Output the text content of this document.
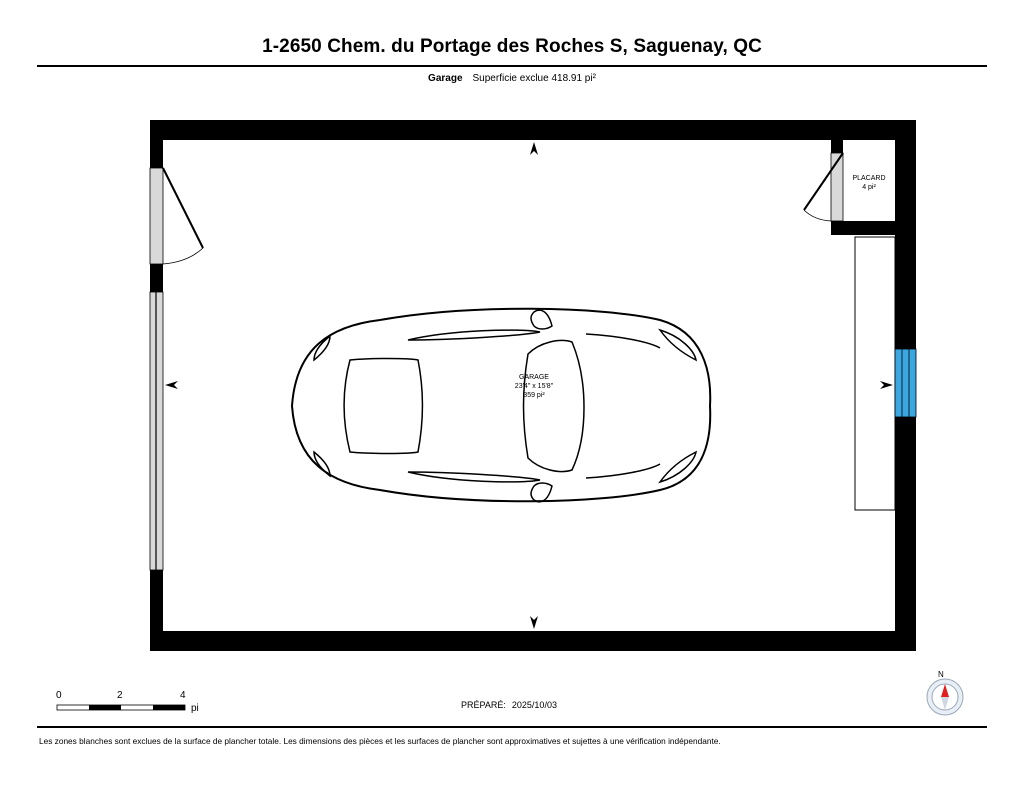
1-2650 Chem. du Portage des Roches S, Saguenay, QC
Garage Superficie exclue 418.91 pi²
GARAGE
23'4" x 15'8"
359 pi²
PLACARD
4 pi²
0	2	4
pi
N
PRÉPARÉ: 2025/10/03
Les zones blanches sont exclues de la surface de plancher totale. Les dimensions des pièces et les surfaces de plancher sont approximatives et sujettes à une vérification indépendante.
